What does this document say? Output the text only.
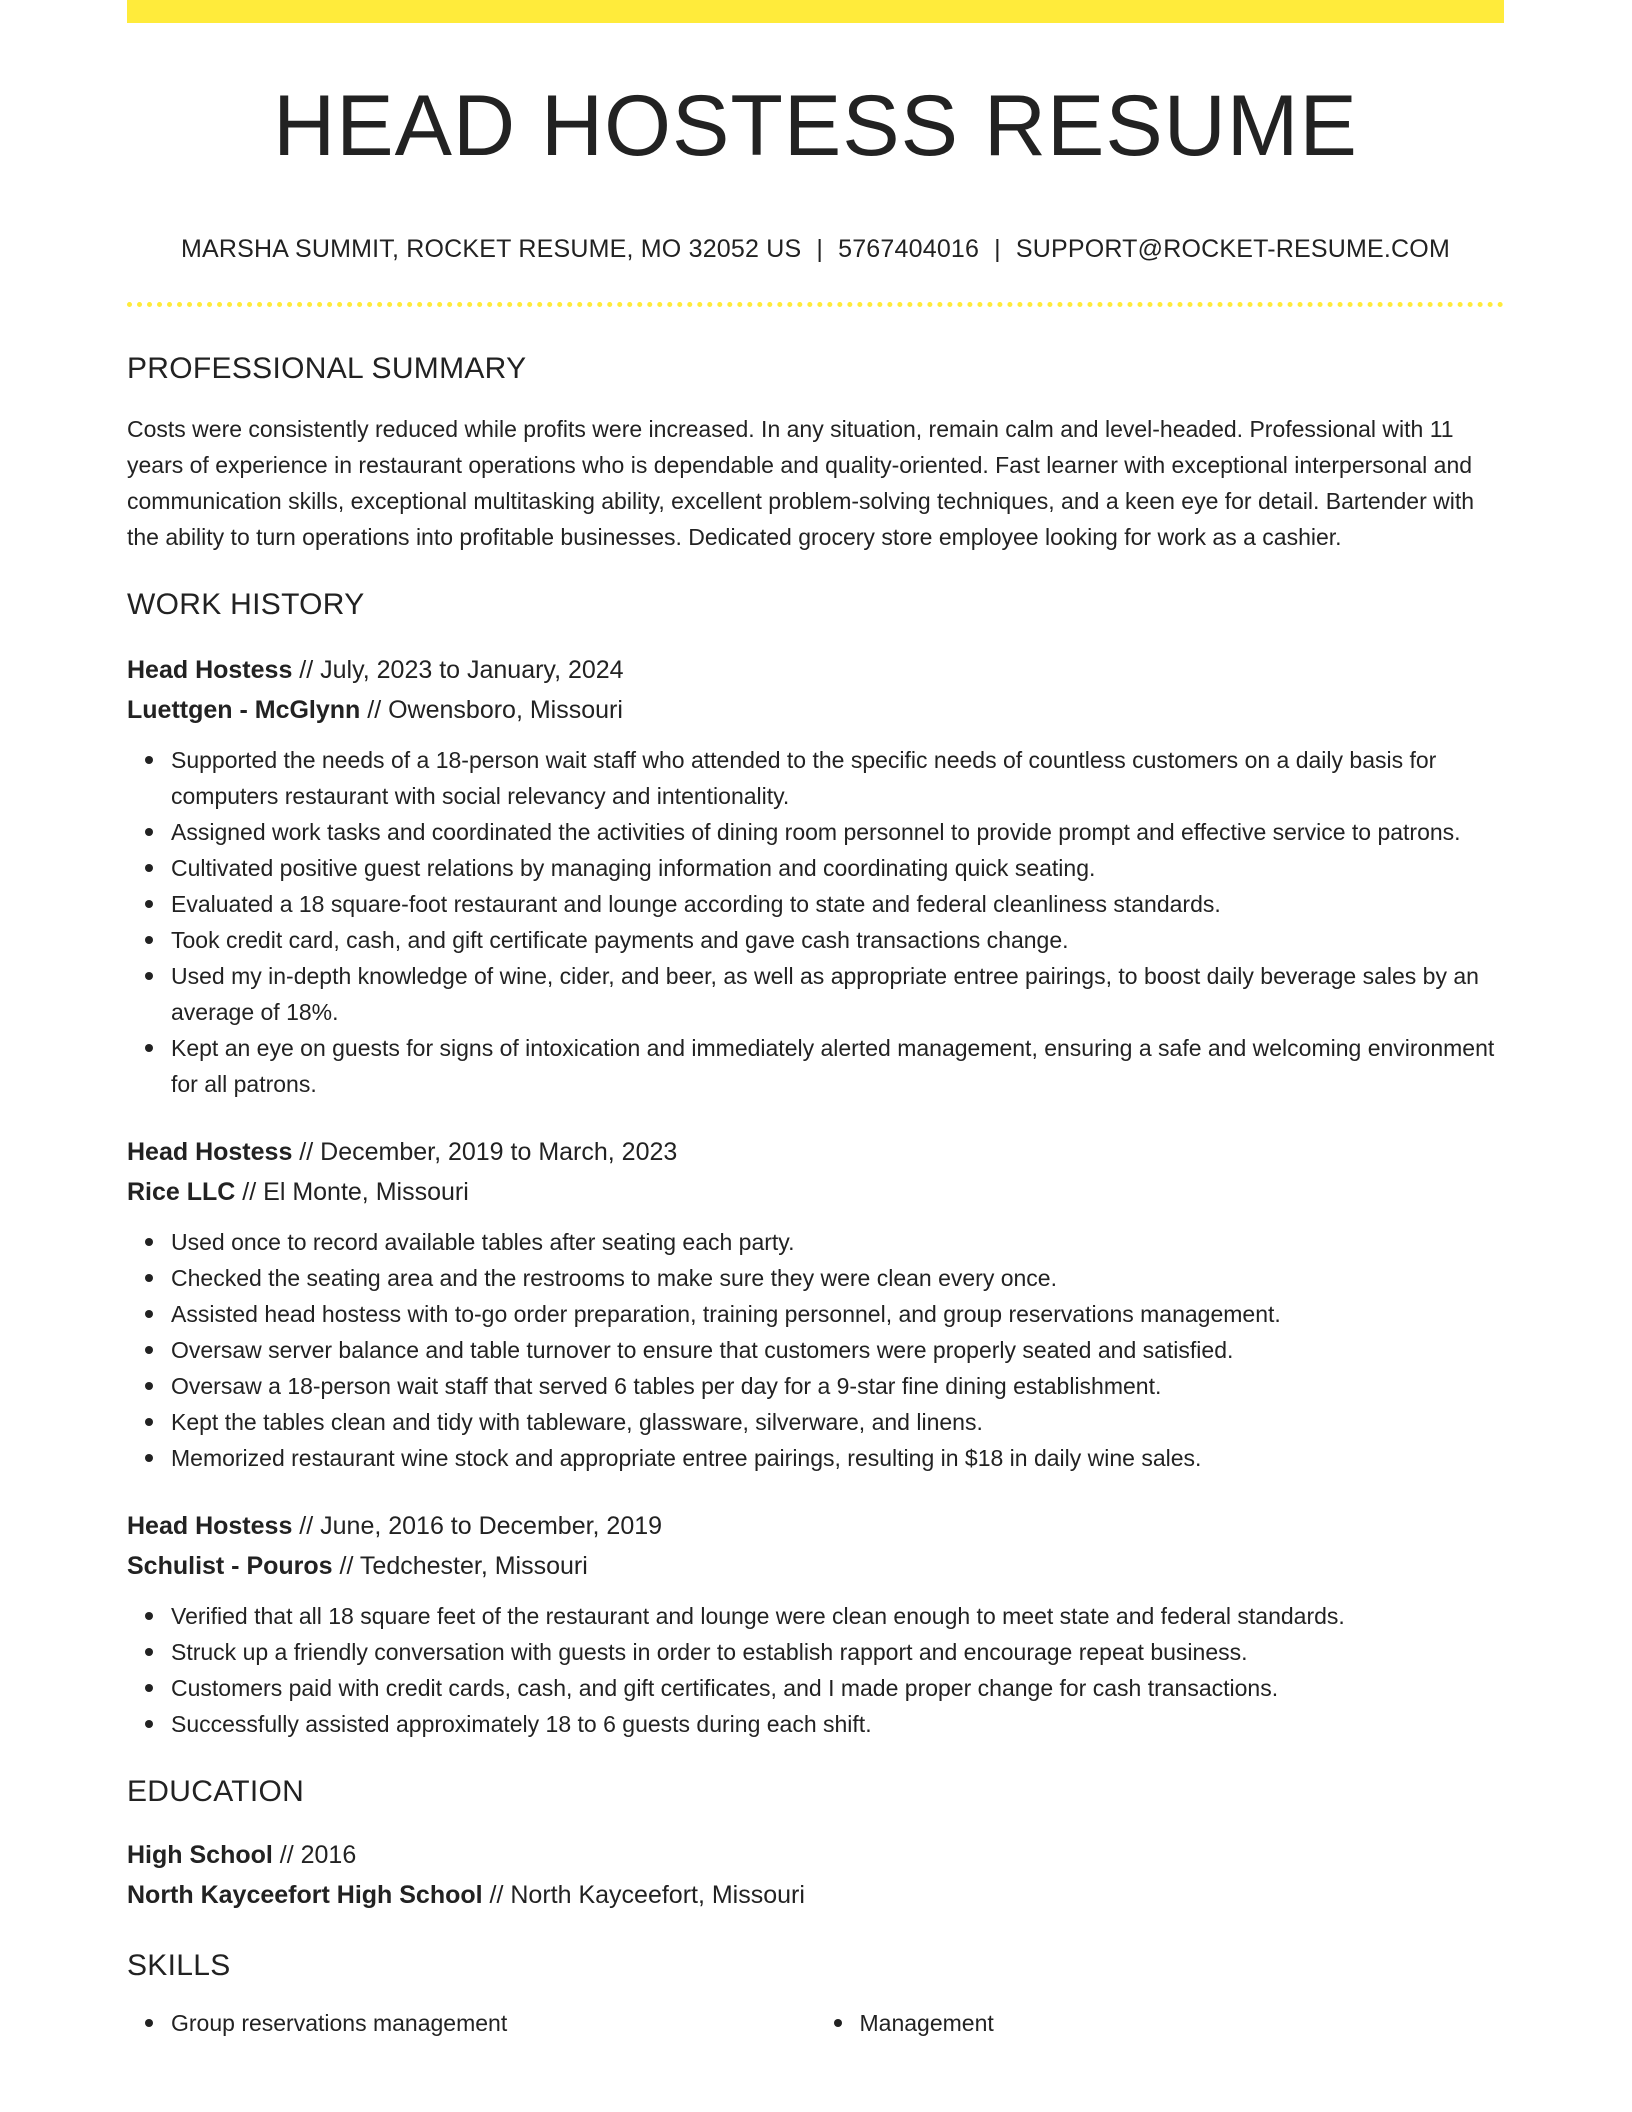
HEAD HOSTESS RESUME
MARSHA SUMMIT, ROCKET RESUME, MO 32052 US | 5767404016 | SUPPORT@ROCKET-RESUME.COM
PROFESSIONAL SUMMARY

Costs were consistently reduced while profits were increased. In any situation, remain calm and level-headed. Professional with 11 years of experience in restaurant operations who is dependable and quality-oriented. Fast learner with exceptional interpersonal and communication skills, exceptional multitasking ability, excellent problem-solving techniques, and a keen eye for detail. Bartender with the ability to turn operations into profitable businesses. Dedicated grocery store employee looking for work as a cashier.

WORK HISTORY

Head Hostess // July, 2023 to January, 2024

Luettgen - McGlynn // Owensboro, Missouri

Supported the needs of a 18-person wait staff who attended to the specific needs of countless customers on a daily basis for computers restaurant with social relevancy and intentionality.
Assigned work tasks and coordinated the activities of dining room personnel to provide prompt and effective service to patrons.
Cultivated positive guest relations by managing information and coordinating quick seating.
Evaluated a 18 square-foot restaurant and lounge according to state and federal cleanliness standards.
Took credit card, cash, and gift certificate payments and gave cash transactions change.
Used my in-depth knowledge of wine, cider, and beer, as well as appropriate entree pairings, to boost daily beverage sales by an average of 18%.
Kept an eye on guests for signs of intoxication and immediately alerted management, ensuring a safe and welcoming environment for all patrons.

Head Hostess // December, 2019 to March, 2023

Rice LLC // El Monte, Missouri

Used once to record available tables after seating each party.
Checked the seating area and the restrooms to make sure they were clean every once.
Assisted head hostess with to-go order preparation, training personnel, and group reservations management.
Oversaw server balance and table turnover to ensure that customers were properly seated and satisfied.
Oversaw a 18-person wait staff that served 6 tables per day for a 9-star fine dining establishment.
Kept the tables clean and tidy with tableware, glassware, silverware, and linens.
Memorized restaurant wine stock and appropriate entree pairings, resulting in $18 in daily wine sales.

Head Hostess // June, 2016 to December, 2019

Schulist - Pouros // Tedchester, Missouri

Verified that all 18 square feet of the restaurant and lounge were clean enough to meet state and federal standards.
Struck up a friendly conversation with guests in order to establish rapport and encourage repeat business.
Customers paid with credit cards, cash, and gift certificates, and I made proper change for cash transactions.
Successfully assisted approximately 18 to 6 guests during each shift.
EDUCATION

High School // 2016

North Kayceefort High School // North Kayceefort, Missouri

SKILLS
Group reservations management	Management
